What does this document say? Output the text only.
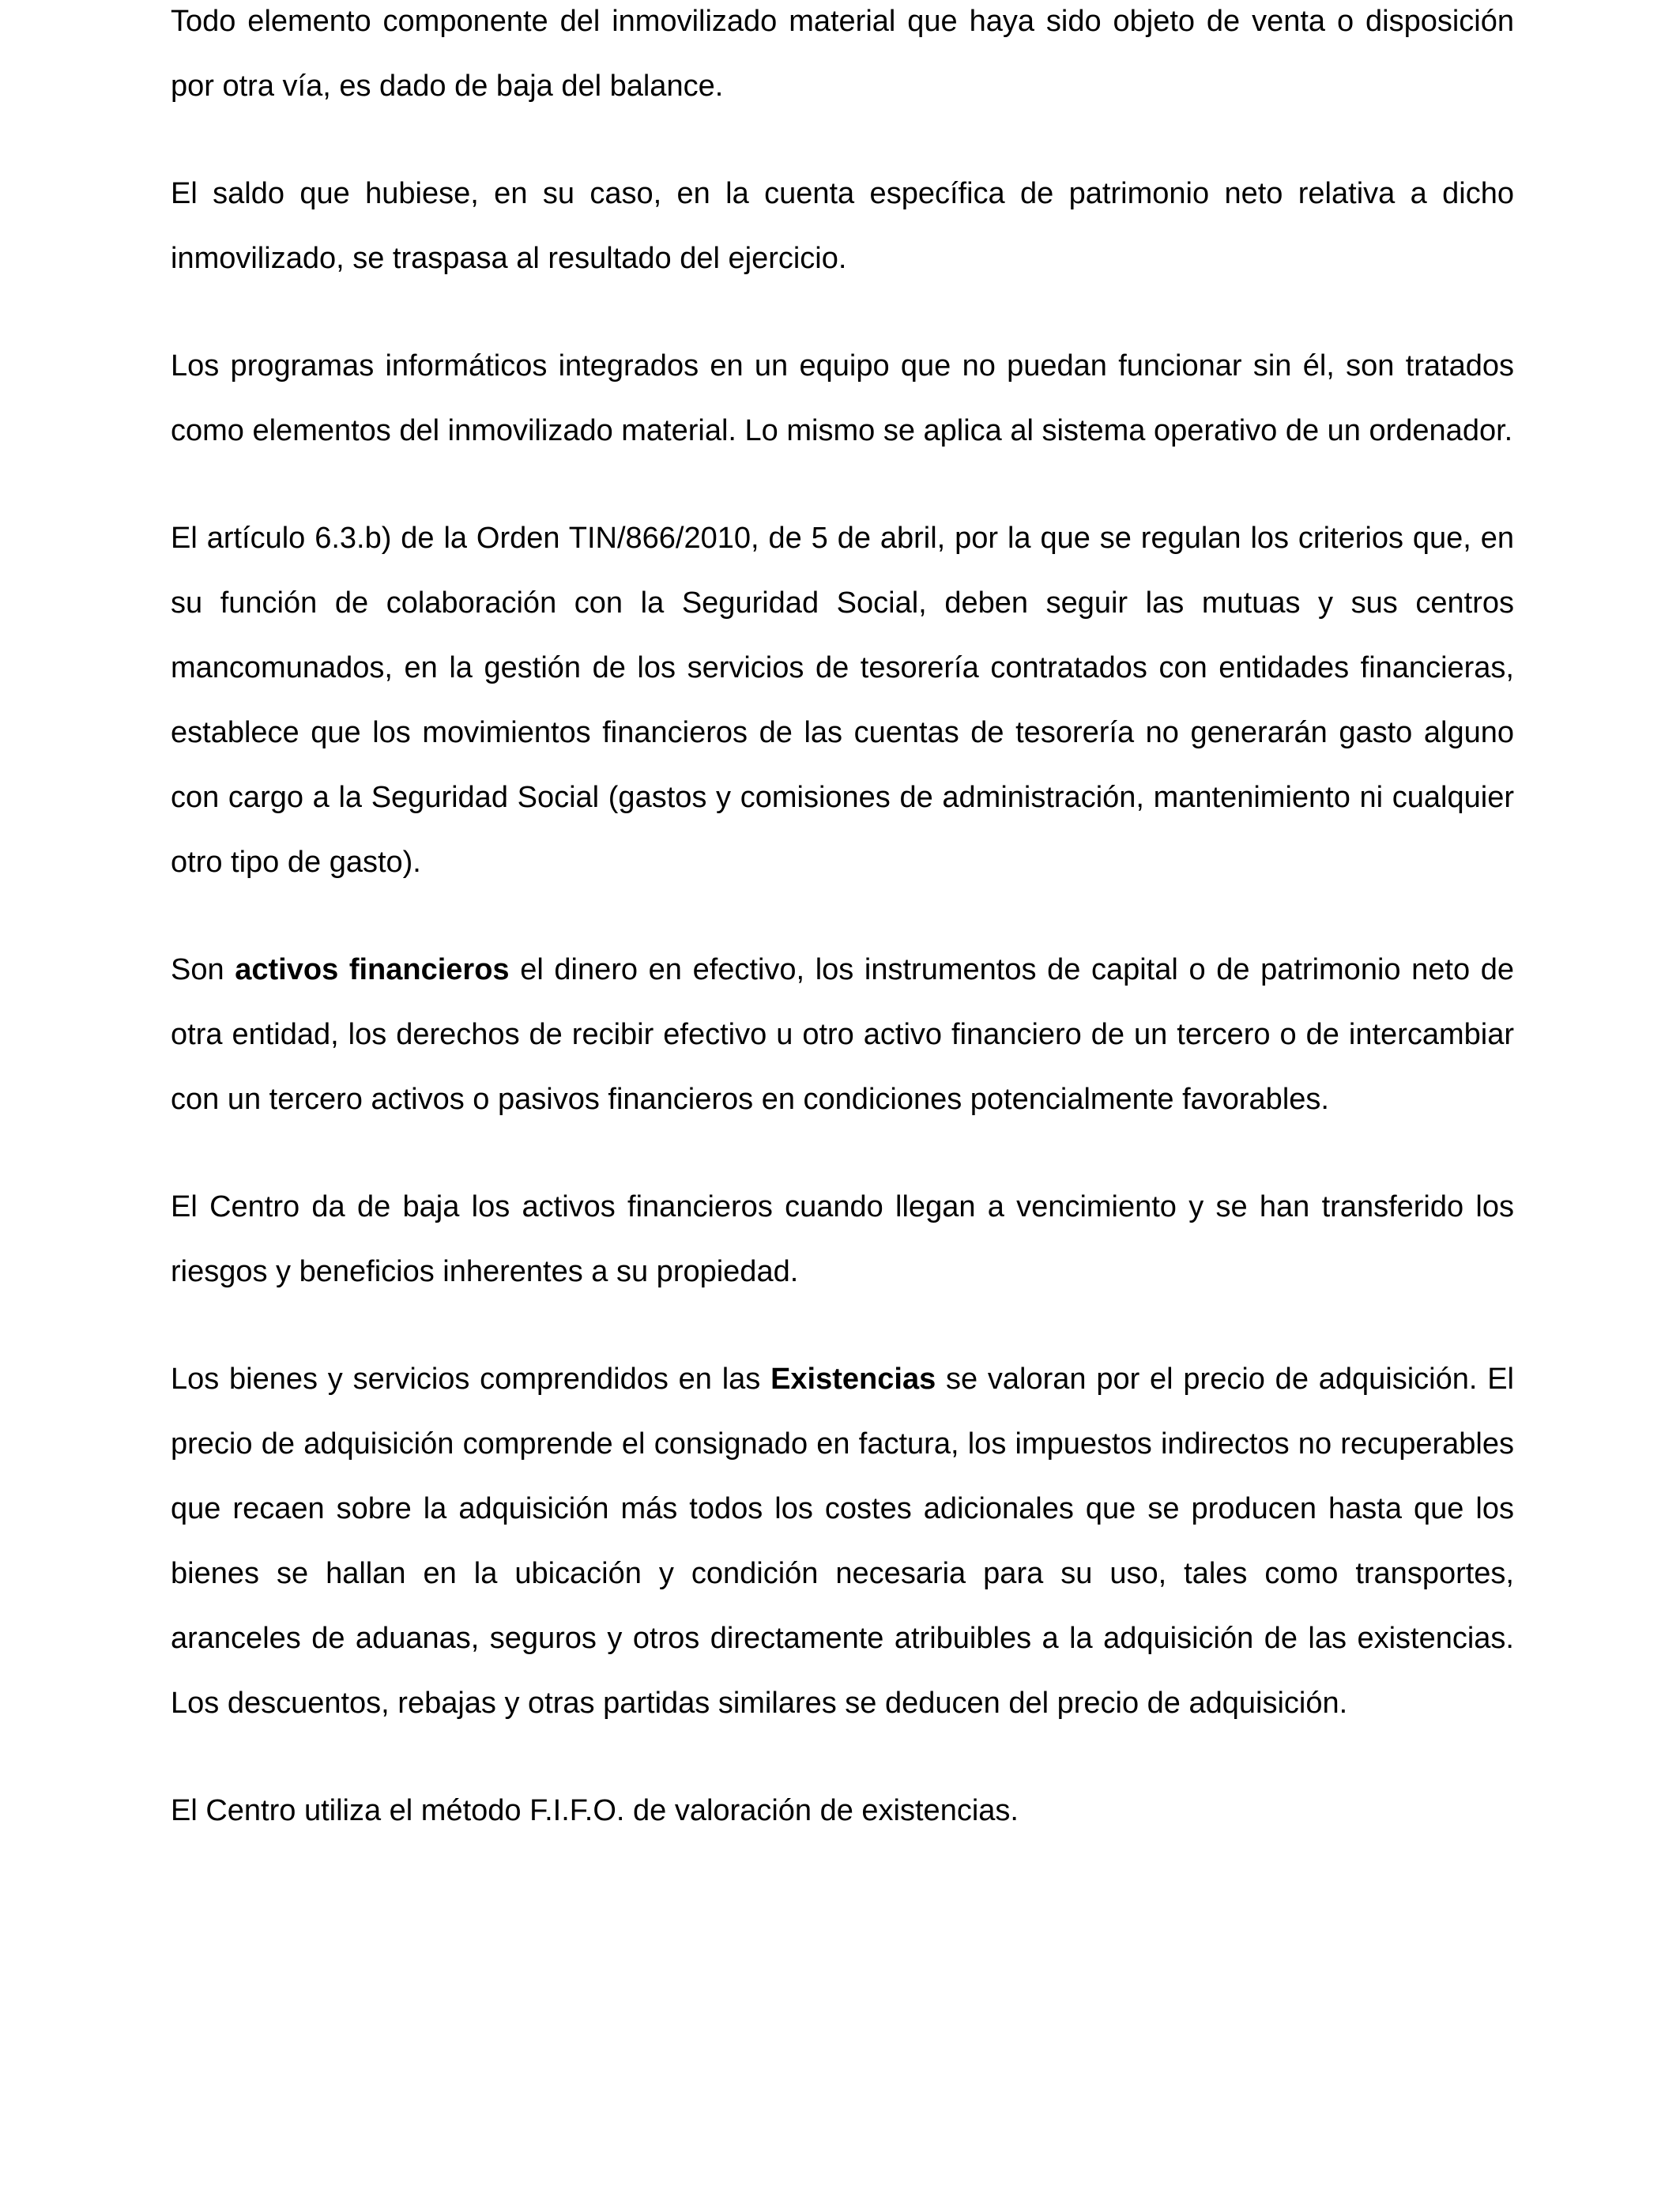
Todo elemento componente del inmovilizado material que haya sido objeto de venta o disposición por otra vía, es dado de baja del balance.

El saldo que hubiese, en su caso, en la cuenta específica de patrimonio neto relativa a dicho inmovilizado, se traspasa al resultado del ejercicio.

Los programas informáticos integrados en un equipo que no puedan funcionar sin él, son tratados como elementos del inmovilizado material. Lo mismo se aplica al sistema operativo de un ordenador.

El artículo 6.3.b) de la Orden TIN/866/2010, de 5 de abril, por la que se regulan los criterios que, en su función de colaboración con la Seguridad Social, deben seguir las mutuas y sus centros mancomunados, en la gestión de los servicios de tesorería contratados con entidades financieras, establece que los movimientos financieros de las cuentas de tesorería no generarán gasto alguno con cargo a la Seguridad Social (gastos y comisiones de administración, mantenimiento ni cualquier otro tipo de gasto).

Son activos financieros el dinero en efectivo, los instrumentos de capital o de patrimonio neto de otra entidad, los derechos de recibir efectivo u otro activo financiero de un tercero o de intercambiar con un tercero activos o pasivos financieros en condiciones potencialmente favorables.

El Centro da de baja los activos financieros cuando llegan a vencimiento y se han transferido los riesgos y beneficios inherentes a su propiedad.

Los bienes y servicios comprendidos en las Existencias se valoran por el precio de adquisición. El precio de adquisición comprende el consignado en factura, los impuestos indirectos no recuperables que recaen sobre la adquisición más todos los costes adicionales que se producen hasta que los bienes se hallan en la ubicación y condición necesaria para su uso, tales como transportes, aranceles de aduanas, seguros y otros directamente atribuibles a la adquisición de las existencias. Los descuentos, rebajas y otras partidas similares se deducen del precio de adquisición.

El Centro utiliza el método F.I.F.O. de valoración de existencias.
